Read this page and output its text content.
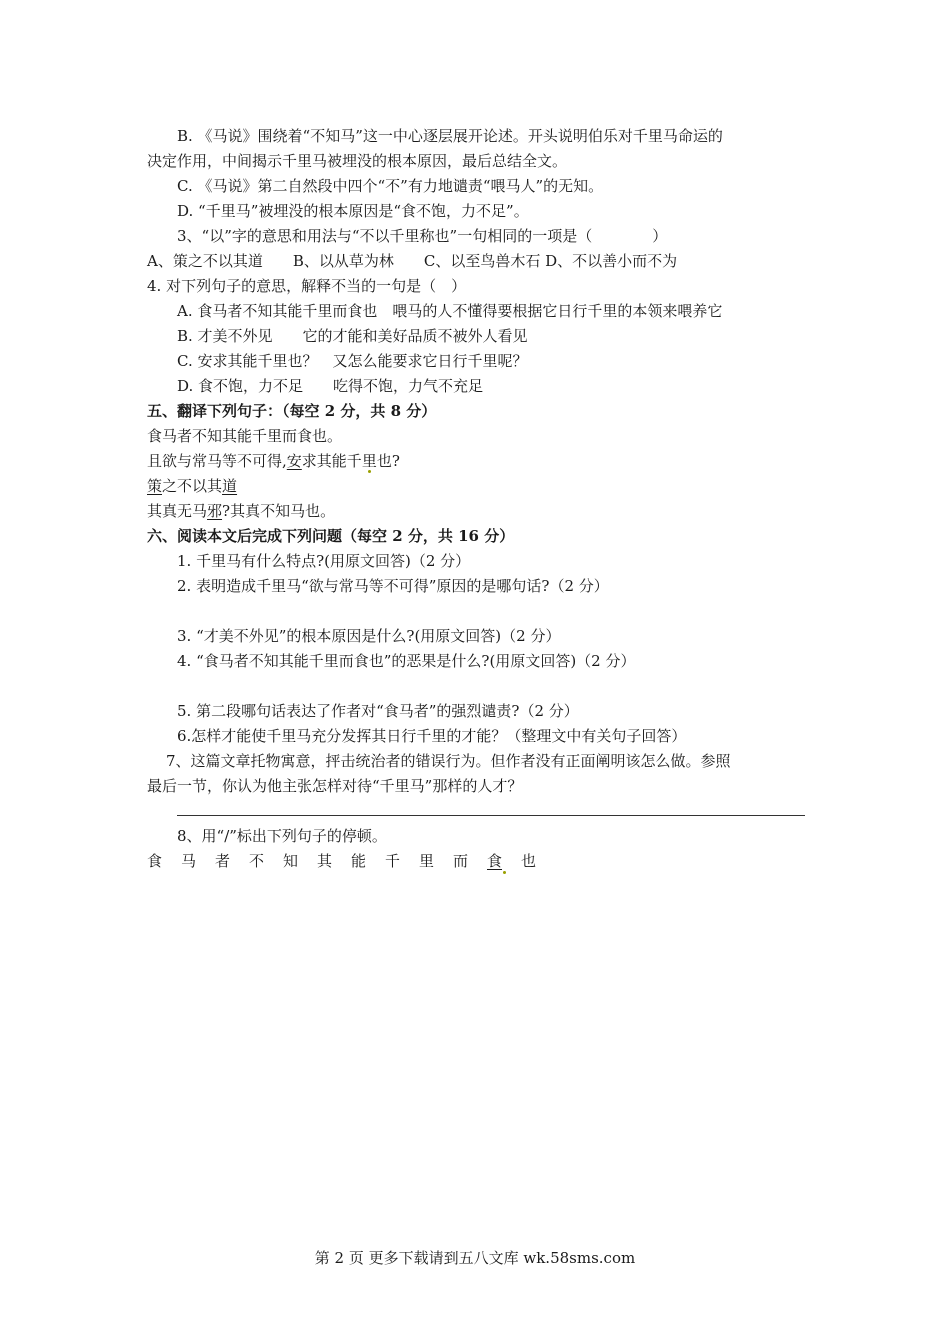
B. 《马说》围绕着“不知马”这一中心逐层展开论述。开头说明伯乐对千里马命运的
决定作用，中间揭示千里马被埋没的根本原因，最后总结全文。
C. 《马说》第二自然段中四个“不”有力地谴责“喂马人”的无知。
D. “千里马”被埋没的根本原因是“食不饱，力不足”。
3、“以”字的意思和用法与“不以千里称也”一句相同的一项是（　　　　）
A、策之不以其道　　B、以从草为林　　C、以至鸟兽木石 D、不以善小而不为
4. 对下列句子的意思，解释不当的一句是（　）
A. 食马者不知其能千里而食也　喂马的人不懂得要根据它日行千里的本领来喂养它
B. 才美不外见　　它的才能和美好品质不被外人看见
C. 安求其能千里也？　又怎么能要求它日行千里呢？
D. 食不饱，力不足　　吃得不饱，力气不充足
五、翻译下列句子：（每空 2 分，共 8 分）
食马者不知其能千里而食也。
且欲与常马等不可得,安求其能千里也?
策之不以其道
其真无马邪?其真不知马也。
六、阅读本文后完成下列问题（每空 2 分，共 16 分）
1. 千里马有什么特点?(用原文回答)（2 分）
2. 表明造成千里马“欲与常马等不可得”原因的是哪句话?（2 分）
3. “才美不外见”的根本原因是什么?(用原文回答)（2 分）
4. “食马者不知其能千里而食也”的恶果是什么?(用原文回答)（2 分）
5. 第二段哪句话表达了作者对“食马者”的强烈谴责?（2 分）
6.怎样才能使千里马充分发挥其日行千里的才能？（整理文中有关句子回答）
7、这篇文章托物寓意，抨击统治者的错误行为。但作者没有正面阐明该怎么做。参照
最后一节，你认为他主张怎样对待“千里马”那样的人才？
8、用“/”标出下列句子的停顿。
食 马 者 不 知 其 能 千 里 而 食 也
第 2 页 更多下载请到五八文库 wk.58sms.com
